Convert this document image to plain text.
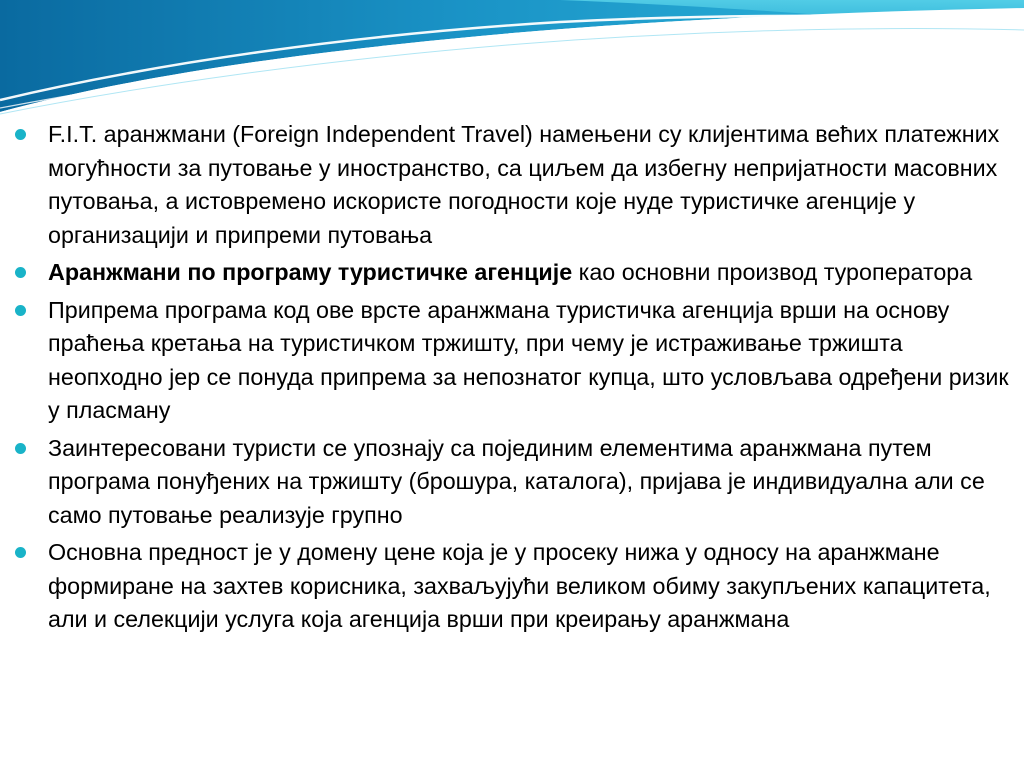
F.I.T. аранжмани (Foreign Independent Travel) намењени су клијентима већих платежних могућности за путовање у иностранство, са циљем да избегну непријатности масовних путовања, а истовремено искористе погодности које нуде туристичке агенције у организацији и припреми путовања
Аранжмани по програму туристичке агенције као основни производ туроператора
Припрема програма код ове врсте аранжмана туристичка агенција врши на основу праћења кретања на туристичком тржишту, при чему је истраживање тржишта неопходно јер се понуда припрема за непознатог купца, што условљава одређени ризик у пласману
Заинтересовани туристи се упознају са појединим елементима аранжмана путем програма понуђених на тржишту (брошура, каталога), пријава је индивидуална али се само путовање реализује групно
Основна предност је у домену цене која је у просеку нижа у односу на аранжмане формиране на захтев корисника, захваљујући великом обиму закупљених капацитета, али и селекцији услуга која агенција врши при креирању аранжмана
